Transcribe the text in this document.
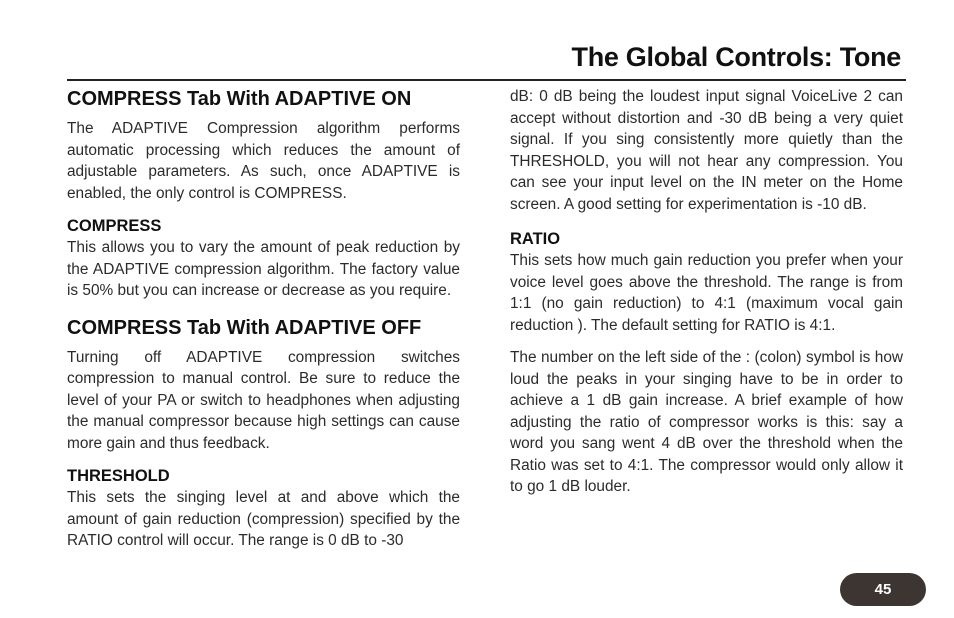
The Global Controls: Tone
COMPRESS Tab With ADAPTIVE ON

The ADAPTIVE Compression algorithm performs automatic processing which reduces the amount of adjustable parameters. As such, once ADAPTIVE is enabled, the only control is COMPRESS.

COMPRESS

This allows you to vary the amount of peak reduction by the ADAPTIVE compression algorithm. The factory value is 50% but you can increase or decrease as you require.

COMPRESS Tab With ADAPTIVE OFF

Turning off ADAPTIVE compression switches compression to manual control. Be sure to reduce the level of your PA or switch to headphones when adjusting the manual compressor because high settings can cause more gain and thus feedback.

THRESHOLD

This sets the singing level at and above which the amount of gain reduction (compression) specified by the RATIO control will occur. The range is 0 dB to -30

dB: 0 dB being the loudest input signal VoiceLive 2 can accept without distortion and -30 dB being a very quiet signal. If you sing consistently more quietly than the THRESHOLD, you will not hear any compression. You can see your input level on the IN meter on the Home screen. A good setting for experimentation is -10 dB.

RATIO

This sets how much gain reduction you prefer when your voice level goes above the threshold. The range is from 1:1 (no gain reduction) to 4:1 (maximum vocal gain reduction ). The default setting for RATIO is 4:1.

The number on the left side of the : (colon) symbol is how loud the peaks in your singing have to be in order to achieve a 1 dB gain increase. A brief example of how adjusting the ratio of compressor works is this: say a word you sang went 4 dB over the threshold when the Ratio was set to 4:1. The compressor would only allow it to go 1 dB louder.

45
